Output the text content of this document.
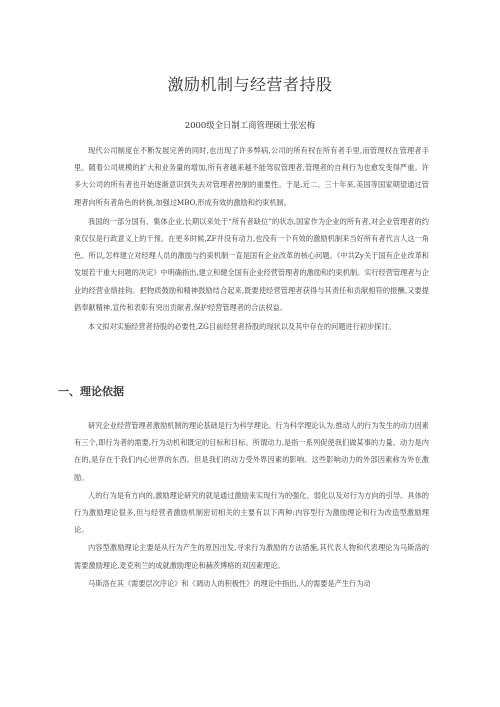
激励机制与经营者持股
2000级全日制工商管理硕士张宏梅

现代公司制度在不断发展完善的同时,也出现了许多弊病,公司的所有权在所有者手里,而管理权在管理者手里。随着公司规模的扩大和业务量的增加,所有者越来越不能驾驭管理者,管理者的自利行为也愈发变得严重。许多大公司的所有者也开始逐渐意识到失去对管理者控制的重要性。于是,近二、三十年来,美国等国家期望通过管理者向所有者角色的转换,加强过MBO,形成有效的激励和约束机制。

我国的一部分国有、集体企业,长期以来处于“所有者缺位”的状态,国家作为企业的所有者,对企业管理者的约束仅仅是行政意义上的干预。在更多时候,ZF并没有动力,也没有一个有效的激励机制来当好所有者代言人这一角色。所以,怎样建立对经理人员的激励与约束机制一直是国有企业改革的核心问题。《中共Zy关于国有企业改革和发展若干重大问题的决定》中明确指出,建立和健全国有企业经营管理者的激励和约束机制。实行经营管理者与企业的经营业绩挂钩。把物质鼓励和精神鼓励结合起来,既要使经营管理者获得与其责任和贡献相符的报酬,又要提倡奉献精神,宣传和表彰有突出贡献者,保护经营管理者的合法权益。

本文拟对实施经营者持股的必要性,ZG目前经营者持股的现状以及其中存在的问题进行初步探讨。

一、理论依据

研究企业经营管理者激励机制的理论基础是行为科学理论。行为科学理论认为,推动人的行为发生的动力因素有三个,即行为者的需要,行为动机和既定的目标和目标。所谓动力,是指一系列促使我们做某事的力量。动力是内在的,是存在于我们内心世界的东西。但是我们的动力受外界因素的影响。这些影响动力的外部因素称为外在激励。

人的行为是有方向的,激励理论研究的就是通过激励来实现行为的强化、弱化以及对行为方向的引导。具体的行为激励理论很多,但与经营者激励机制密切相关的主要有以下两种:内容型行为激励理论和行为改造型激励理论。

内容型激励理论主要是从行为产生的原因出发,寻求行为激励的方法措施,其代表人物和代表理论为马斯洛的需要激励理论,麦克利兰的成就激励理论和赫茨博格的双因素理论。

马斯洛在其《需要层次序论》和《调动人的积极性》的理论中指出,人的需要是产生行为动
